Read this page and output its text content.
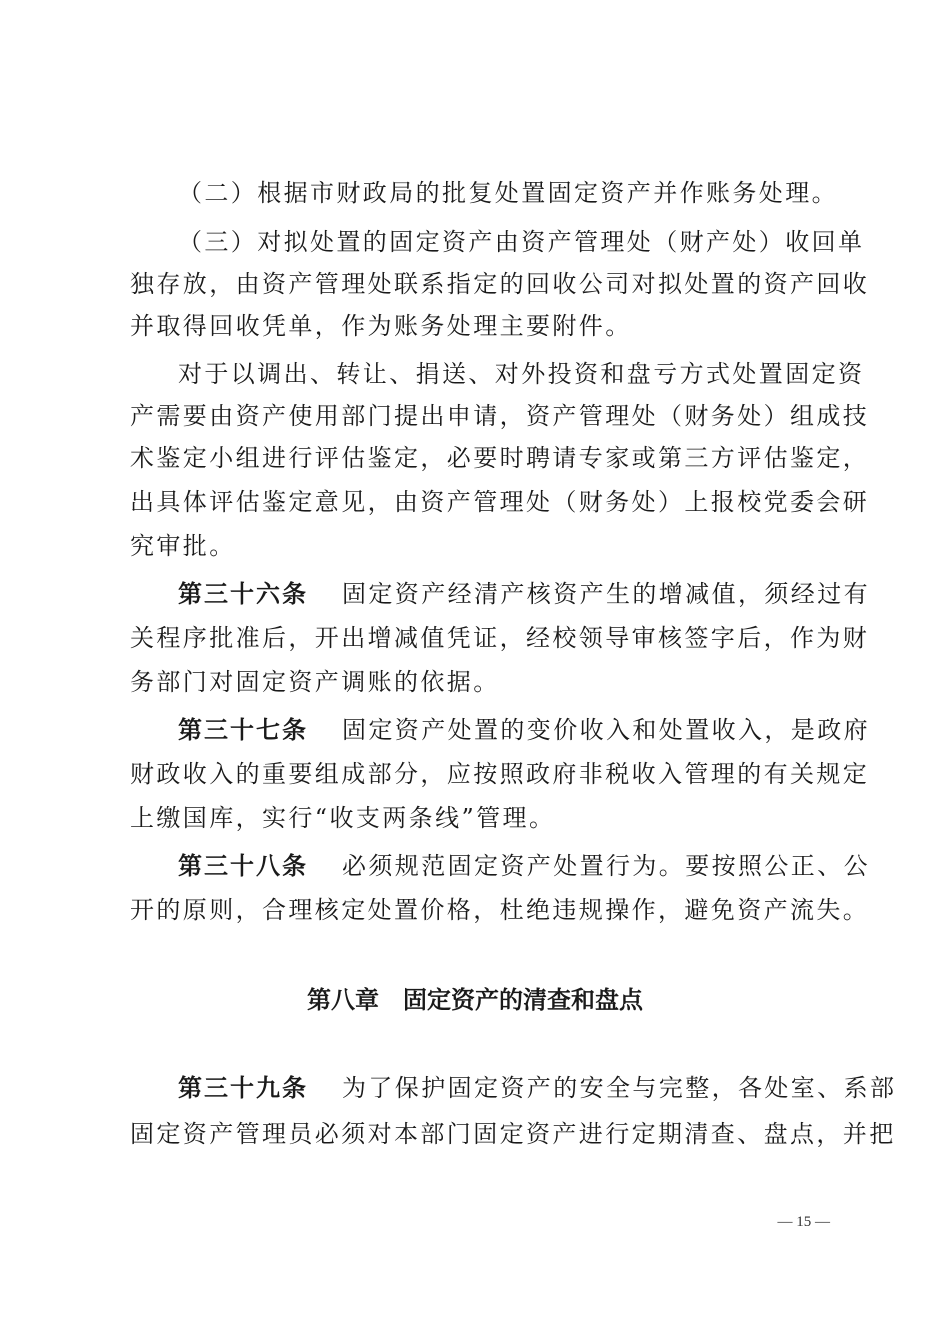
（二）根据市财政局的批复处置固定资产并作账务处理。
（三）对拟处置的固定资产由资产管理处（财产处）收回单
独存放，由资产管理处联系指定的回收公司对拟处置的资产回收
并取得回收凭单，作为账务处理主要附件。
对于以调出、转让、捐送、对外投资和盘亏方式处置固定资
产需要由资产使用部门提出申请，资产管理处（财务处）组成技
术鉴定小组进行评估鉴定，必要时聘请专家或第三方评估鉴定，
出具体评估鉴定意见，由资产管理处（财务处）上报校党委会研
究审批。
第三十六条 固定资产经清产核资产生的增减值，须经过有
关程序批准后，开出增减值凭证，经校领导审核签字后，作为财
务部门对固定资产调账的依据。
第三十七条 固定资产处置的变价收入和处置收入，是政府
财政收入的重要组成部分，应按照政府非税收入管理的有关规定
上缴国库，实行“收支两条线”管理。
第三十八条 必须规范固定资产处置行为。要按照公正、公
开的原则，合理核定处置价格，杜绝违规操作，避免资产流失。
第八章　固定资产的清查和盘点
第三十九条 为了保护固定资产的安全与完整，各处室、系部
固定资产管理员必须对本部门固定资产进行定期清查、盘点，并把
— 15 —
